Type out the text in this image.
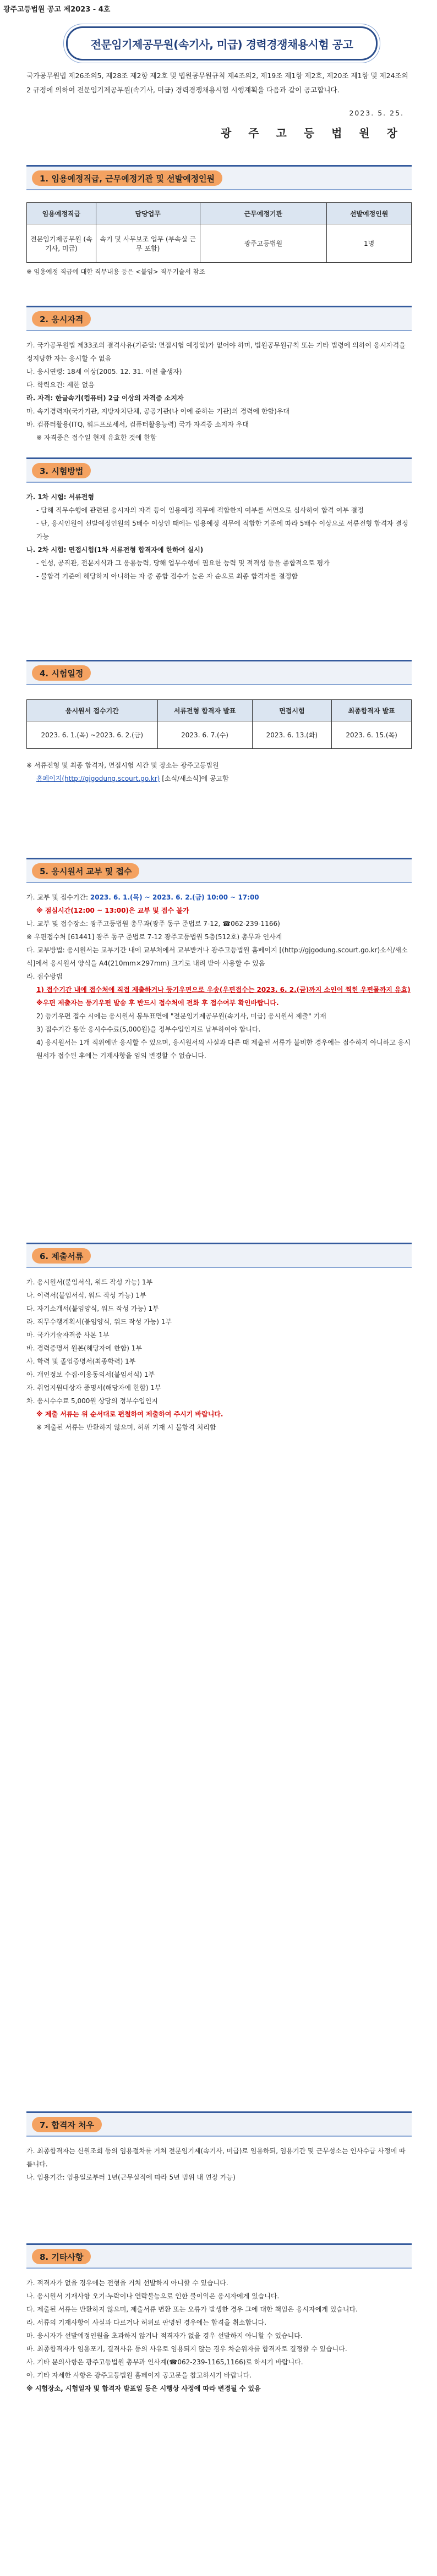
광주고등법원 공고 제2023 - 4호
전문임기제공무원(속기사, 미급) 경력경쟁채용시험 공고
국가공무원법 제26조의5, 제28조 제2항 제2호 및 법원공무원규칙 제4조의2, 제19조 제1항 제2호, 제20조 제1항 및 제24조의2 규정에 의하여 전문임기제공무원(속기사, 미급) 경력경쟁채용시험 시행계획을 다음과 같이 공고합니다.
2023. 5. 25.
광 주 고 등 법 원 장
1. 임용예정직급, 근무예정기관 및 선발예정인원
임용예정직급	담당업무	근무예정기관	선발예정인원
전문임기제공무원 (속기사, 미급)	속기 및 사무보조 업무 (부속실 근무 포함)	광주고등법원	1명
※ 임용예정 직급에 대한 직무내용 등은 <붙임> 직무기술서 참조
2. 응시자격

가. 국가공무원법 제33조의 결격사유(기준일: 면접시험 예정일)가 없어야 하며, 법원공무원규칙 또는 기타 법령에 의하여 응시자격을 정지당한 자는 응시할 수 없음

나. 응시연령: 18세 이상(2005. 12. 31. 이전 출생자)

다. 학력요건: 제한 없음

라. 자격: 한글속기(컴퓨터) 2급 이상의 자격증 소지자

마. 속기경력자(국가기관, 지방자치단체, 공공기관(나 이에 준하는 기관)의 경력에 한함)우대

바. 컴퓨터활용(ITQ, 워드프로세서, 컴퓨터활용능력) 국가 자격증 소지자 우대

※ 자격증은 접수일 현재 유효한 것에 한함

3. 시험방법

가. 1차 시험: 서류전형

- 담해 직무수행에 관련된 응시자의 자격 등이 임용예정 직무에 적합한지 여부를 서면으로 심사하여 합격 여부 결정

- 단, 응시인원이 선발예정인원의 5배수 이상인 때에는 임용예정 직무에 적합한 기준에 따라 5배수 이상으로 서류전형 합격자 결정 가능

나. 2차 시험: 면접시험(1차 서류전형 합격자에 한하여 실시)

- 인성, 공직관, 전문지식과 그 응용능력, 당해 업무수행에 필요한 능력 및 적격성 등을 종합적으로 평가

- 불합격 기준에 해당하지 아니하는 자 중 종합 점수가 높은 자 순으로 최종 합격자를 결정함

4. 시험일정
응시원서 접수기간	서류전형 합격자 발표	면접시험	최종합격자 발표
2023. 6. 1.(목) ~2023. 6. 2.(금)	2023. 6. 7.(수)	2023. 6. 13.(화)	2023. 6. 15.(목)

※ 서류전형 및 최종 합격자, 면접시험 시간 및 장소는 광주고등법원

홈페이지(http://gjgodung.scourt.go.kr) [소식/새소식]에 공고함

5. 응시원서 교부 및 접수

가. 교부 및 접수기간: 2023. 6. 1.(목) ~ 2023. 6. 2.(금) 10:00 ~ 17:00

※ 점심시간(12:00 ~ 13:00)은 교부 및 접수 불가

나. 교부 및 접수장소: 광주고등법원 총무과(광주 동구 준법로 7-12, ☎062-239-1166)

※ 우편접수처 [61441] 광주 동구 준법로 7-12 광주고등법원 5층(512호) 총무과 인사계

다. 교부방법: 응시원서는 교부기간 내에 교부처에서 교부받거나 광주고등법원 홈페이지 [(http://gjgodung.scourt.go.kr)소식/새소식]에서 응시원서 양식을 A4(210mm×297mm) 크기로 내려 받아 사용할 수 있음

라. 접수방법

1) 접수기간 내에 접수처에 직접 제출하거나 등기우편으로 우송(우편접수는 2023. 6. 2.(금)까지 소인이 찍힌 우편물까지 유효)

※우편 제출자는 등기우편 발송 후 반드시 접수처에 전화 후 접수여부 확인바랍니다.

2) 등기우편 접수 시에는 응시원서 봉투표면에 "전문임기제공무원(속기사, 미급) 응시원서 제출" 기재

3) 접수기간 동안 응시수수료(5,000원)을 정부수입인지로 납부하여야 합니다.

4) 응시원서는 1개 직위에만 응시할 수 있으며, 응시원서의 사실과 다른 때 제출된 서류가 불비한 경우에는 접수하지 아니하고 응시원서가 접수된 후에는 기재사항을 임의 변경할 수 없습니다.

6. 제출서류

가. 응시원서(붙임서식, 워드 작성 가능) 1부

나. 이력서(붙임서식, 워드 작성 가능) 1부

다. 자기소개서(붙임양식, 워드 작성 가능) 1부

라. 직무수행계획서(붙임양식, 워드 작성 가능) 1부

마. 국가기술자격증 사본 1부

바. 경력증명서 원본(해당자에 한함) 1부

사. 학력 및 졸업증명서(최종학력) 1부

아. 개인정보 수집·이용동의서(붙임서식) 1부

자. 취업지원대상자 증명서(해당자에 한함) 1부

차. 응시수수료 5,000원 상당의 정부수입인지

※ 제출 서류는 위 순서대로 편철하여 제출하여 주시기 바랍니다.

※ 제출된 서류는 반환하지 않으며, 허위 기재 시 불합격 처리함

7. 합격자 처우

가. 최종합격자는 신원조회 등의 임용절차를 거쳐 전문임기제(속기사, 미급)로 임용하되, 임용기간 및 근무성소는 인사수급 사정에 따릅니다.

나. 임용기간: 임용일로부터 1년(근무실적에 따라 5년 범위 내 연장 가능)

8. 기타사항

가. 적격자가 없을 경우에는 전형을 거쳐 선발하지 아니할 수 있습니다.

나. 응시원서 기재사항 오기·누락이나 연락불능으로 인한 불이익은 응시자에게 있습니다.

다. 제출된 서류는 반환하지 않으며, 제출서류 변환 또는 오류가 발생한 경우 그에 대한 책임은 응시자에게 있습니다.

라. 서류의 기재사항이 사실과 다르거나 허위로 판명된 경우에는 합격을 취소합니다.

마. 응시자가 선발예정인원을 초과하지 않거나 적격자가 없을 경우 선발하지 아니할 수 있습니다.

바. 최종합격자가 임용포기, 결격사유 등의 사유로 임용되지 않는 경우 차순위자를 합격자로 결정할 수 있습니다.

사. 기타 문의사항은 광주고등법원 총무과 인사계(☎062-239-1165,1166)로 하시기 바랍니다.

아. 기타 자세한 사항은 광주고등법원 홈페이지 공고문을 참고하시기 바랍니다.

※ 시험장소, 시험일자 및 합격자 발표일 등은 시행상 사정에 따라 변경될 수 있음
